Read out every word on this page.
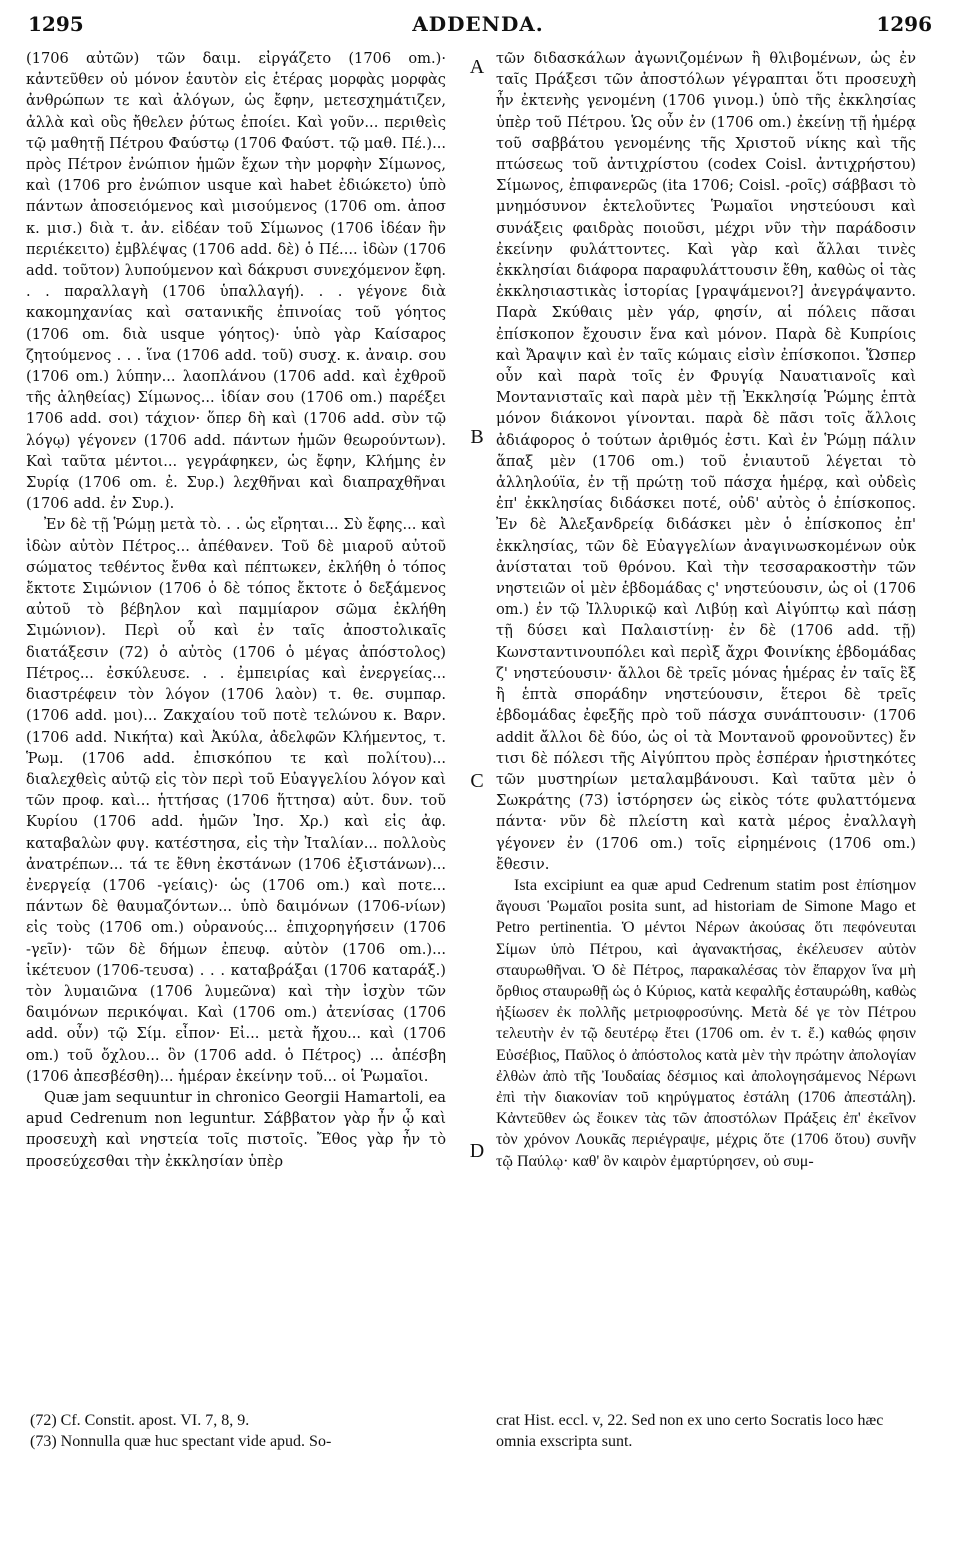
ADDENDA.
1295	1296

(1706 αὐτῶν) τῶν δαιμ. εἰργάζετο (1706 om.)· κἀντεῦθεν οὐ μόνον ἑαυτὸν εἰς ἑτέρας μορφὰς μορφὰς ἀνθρώπων τε καὶ ἀλόγων, ὡς ἔφην, μετεσχημάτιζεν, ἀλλὰ καὶ οὓς ἤθελεν ῥύτως ἐποίει. Καὶ γοῦν... περιθεὶς τῷ μαθητῇ Πέτρου Φαύστῳ (1706 Φαύστ. τῷ μαθ. Πέ.)... πρὸς Πέτρον ἐνώπιον ἡμῶν ἔχων τὴν μορφὴν Σίμωνος, καὶ (1706 pro ἐνώπιον usque καὶ habet ἐδιώκετο) ὑπὸ πάντων ἀποσειόμενος καὶ μισούμενος (1706 om. ἀποσ κ. μισ.) διὰ τ. ἀν. εἰδέαν τοῦ Σίμωνος (1706 ἰδέαν ἣν περιέκειτο) ἐμβλέψας (1706 add. δὲ) ὁ Πέ.... ἰδὼν (1706 add. τοῦτον) λυπούμενον καὶ δάκρυσι συνεχόμενον ἔφη. . . παραλλαγὴ (1706 ὑπαλλαγή). . . γέγονε διὰ κακομηχανίας καὶ σατανικῆς ἐπινοίας τοῦ γόητος (1706 om. διὰ usque γόητος)· ὑπὸ γὰρ Καίσαρος ζητούμενος . . . ἵνα (1706 add. τοῦ) συσχ. κ. ἀναιρ. σου (1706 om.) λύπην... λαοπλάνου (1706 add. καὶ ἐχθροῦ τῆς ἀληθείας) Σίμωνος... ἰδίαν σου (1706 om.) παρέξει 1706 add. σοι) τάχιον· ὅπερ δὴ καὶ (1706 add. σὺν τῷ λόγῳ) γέγονεν (1706 add. πάντων ἡμῶν θεωρούντων). Καὶ ταῦτα μέντοι... γεγράφηκεν, ὡς ἔφην, Κλήμης ἐν Συρίᾳ (1706 om. ἐ. Συρ.) λεχθῆναι καὶ διαπραχθῆναι (1706 add. ἐν Συρ.).

Ἐν δὲ τῇ Ῥώμῃ μετὰ τὸ. . . ὡς εἴρηται... Σὺ ἔφης... καὶ ἰδὼν αὐτὸν Πέτρος... ἀπέθανεν. Τοῦ δὲ μιαροῦ αὐτοῦ σώματος τεθέντος ἔνθα καὶ πέπτωκεν, ἐκλήθη ὁ τόπος ἔκτοτε Σιμώνιον (1706 ὁ δὲ τόπος ἔκτοτε ὁ δεξάμενος αὐτοῦ τὸ βέβηλον καὶ παμμίαρον σῶμα ἐκλήθη Σιμώνιον). Περὶ οὗ καὶ ἐν ταῖς ἀποστολικαῖς διατάξεσιν (72) ὁ αὐτὸς (1706 ὁ μέγας ἀπόστολος) Πέτρος... ἐσκύλευσε. . . ἐμπειρίας καὶ ἐνεργείας... διαστρέφειν τὸν λόγον (1706 λαὸν) τ. θε. συμπαρ. (1706 add. μοι)... Ζακχαίου τοῦ ποτὲ τελώνου κ. Βαρν. (1706 add. Νικήτα) καὶ Ἀκύλα, ἀδελφῶν Κλήμεντος, τ. Ῥωμ. (1706 add. ἐπισκόπου τε καὶ πολίτου)... διαλεχθεὶς αὐτῷ εἰς τὸν περὶ τοῦ Εὐαγγελίου λόγον καὶ τῶν προφ. καὶ... ἡττήσας (1706 ἥττησα) αὐτ. δυν. τοῦ Κυρίου (1706 add. ἡμῶν Ἰησ. Χρ.) καὶ εἰς ἀφ. καταβαλὼν φυγ. κατέστησα, εἰς τὴν Ἰταλίαν... πολλοὺς ἀνατρέπων... τά τε ἔθνη ἐκστάνων (1706 ἐξιστάνων)... ἐνεργείᾳ (1706 -γείαις)· ὡς (1706 om.) καὶ ποτε... πάντων δὲ θαυμαζόντων... ὑπὸ δαιμόνων (1706-νίων) εἰς τοὺς (1706 om.) οὐρανούς... ἐπιχορηγήσειν (1706 -γεῖν)· τῶν δὲ δήμων ἐπευφ. αὐτὸν (1706 om.)... ἱκέτευον (1706-τευσα) . . . καταβράξαι (1706 καταράξ.) τὸν λυμαιῶνα (1706 λυμεῶνα) καὶ τὴν ἰσχὺν τῶν δαιμόνων περικόψαι. Καὶ (1706 om.) ἀτενίσας (1706 add. οὖν) τῷ Σίμ. εἶπον· Εἰ... μετὰ ἤχου... καὶ (1706 om.) τοῦ ὄχλου... ὃν (1706 add. ὁ Πέτρος) ... ἀπέσβη (1706 ἀπεσβέσθη)... ἡμέραν ἐκείνην τοῦ... οἱ Ῥωμαῖοι.

Quæ jam sequuntur in chronico Georgii Hamartoli, ea apud Cedrenum non leguntur. Σάββατον γὰρ ἦν ᾧ καὶ προσευχὴ καὶ νηστεία τοῖς πιστοῖς. Ἔθος γὰρ ἦν τὸ προσεύχεσθαι τὴν ἐκκλησίαν ὑπὲρ

A
B
C
D

τῶν διδασκάλων ἀγωνιζομένων ἢ θλιβομένων, ὡς ἐν ταῖς Πράξεσι τῶν ἀποστόλων γέγραπται ὅτι προσευχὴ ἦν ἐκτενὴς γενομένη (1706 γινομ.) ὑπὸ τῆς ἐκκλησίας ὑπὲρ τοῦ Πέτρου. Ὡς οὖν ἐν (1706 om.) ἐκείνῃ τῇ ἡμέρᾳ τοῦ σαββάτου γενομένης τῆς Χριστοῦ νίκης καὶ τῆς πτώσεως τοῦ ἀντιχρίστου (codex Coisl. ἀντιχρήστου) Σίμωνος, ἐπιφανερῶς (ita 1706; Coisl. -ροῖς) σάββασι τὸ μνημόσυνον ἐκτελοῦντες Ῥωμαῖοι νηστεύουσι καὶ συνάξεις φαιδρὰς ποιοῦσι, μέχρι νῦν τὴν παράδοσιν ἐκείνην φυλάττοντες. Καὶ γὰρ καὶ ἄλλαι τινὲς ἐκκλησίαι διάφορα παραφυλάττουσιν ἔθη, καθὼς οἱ τὰς ἐκκλησιαστικὰς ἱστορίας [γραψάμενοι?] ἀνεγράψαντο. Παρὰ Σκύθαις μὲν γάρ, φησίν, αἱ πόλεις πᾶσαι ἐπίσκοπον ἔχουσιν ἕνα καὶ μόνον. Παρὰ δὲ Κυπρίοις καὶ Ἄραψιν καὶ ἐν ταῖς κώμαις εἰσὶν ἐπίσκοποι. Ὥσπερ οὖν καὶ παρὰ τοῖς ἐν Φρυγίᾳ Ναυατιανοῖς καὶ Μοντανισταῖς καὶ παρὰ μὲν τῇ Ἐκκλησίᾳ Ῥώμης ἑπτὰ μόνον διάκονοι γίνονται. παρὰ δὲ πᾶσι τοῖς ἄλλοις ἀδιάφορος ὁ τούτων ἀριθμός ἐστι. Καὶ ἐν Ῥώμῃ πάλιν ἅπαξ μὲν (1706 om.) τοῦ ἐνιαυτοῦ λέγεται τὸ ἀλληλούϊα, ἐν τῇ πρώτῃ τοῦ πάσχα ἡμέρᾳ, καὶ οὐδεὶς ἐπ' ἐκκλησίας διδάσκει ποτέ, οὐδ' αὐτὸς ὁ ἐπίσκοπος. Ἐν δὲ Ἀλεξανδρείᾳ διδάσκει μὲν ὁ ἐπίσκοπος ἐπ' ἐκκλησίας, τῶν δὲ Εὐαγγελίων ἀναγινωσκομένων οὐκ ἀνίσταται τοῦ θρόνου. Καὶ τὴν τεσσαρακοστὴν τῶν νηστειῶν οἱ μὲν ἑβδομάδας ς' νηστεύουσιν, ὡς οἱ (1706 om.) ἐν τῷ Ἰλλυρικῷ καὶ Λιβύῃ καὶ Αἰγύπτῳ καὶ πάσῃ τῇ δύσει καὶ Παλαιστίνῃ· ἐν δὲ (1706 add. τῇ) Κωνσταντινουπόλει καὶ περὶξ ἄχρι Φοινίκης ἑβδομάδας ζ' νηστεύουσιν· ἄλλοι δὲ τρεῖς μόνας ἡμέρας ἐν ταῖς ἓξ ἢ ἑπτὰ σποράδην νηστεύουσιν, ἕτεροι δὲ τρεῖς ἑβδομάδας ἐφεξῆς πρὸ τοῦ πάσχα συνάπτουσιν· (1706 addit ἄλλοι δὲ δύο, ὡς οἱ τὰ Μοντανοῦ φρονοῦντες) ἔν τισι δὲ πόλεσι τῆς Αἰγύπτου πρὸς ἑσπέραν ἠριστηκότες τῶν μυστηρίων μεταλαμβάνουσι. Καὶ ταῦτα μὲν ὁ Σωκράτης (73) ἱστόρησεν ὡς εἰκὸς τότε φυλαττόμενα πάντα· νῦν δὲ πλείστη καὶ κατὰ μέρος ἐναλλαγὴ γέγονεν ἐν (1706 om.) τοῖς εἰρημένοις (1706 om.) ἔθεσιν.

Ista excipiunt ea quæ apud Cedrenum statim post ἐπίσημον ἄγουσι Ῥωμαῖοι posita sunt, ad historiam de Simone Mago et Petro pertinentia. Ὁ μέντοι Νέρων ἀκούσας ὅτι πεφόνευται Σίμων ὑπὸ Πέτρου, καὶ ἀγανακτήσας, ἐκέλευσεν αὐτὸν σταυρωθῆναι. Ὁ δὲ Πέτρος, παρακαλέσας τὸν ἔπαρχον ἵνα μὴ ὄρθιος σταυρωθῇ ὡς ὁ Κύριος, κατὰ κεφαλῆς ἐσταυρώθη, καθὼς ἠξίωσεν ἐκ πολλῆς μετριοφροσύνης. Μετὰ δέ γε τὸν Πέτρου τελευτὴν ἐν τῷ δευτέρῳ ἔτει (1706 om. ἐν τ. ἔ.) καθώς φησιν Εὐσέβιος, Παῦλος ὁ ἀπόστολος κατὰ μὲν τὴν πρώτην ἀπολογίαν ἐλθὼν ἀπὸ τῆς Ἰουδαίας δέσμιος καὶ ἀπολογησάμενος Νέρωνι ἐπὶ τὴν διακονίαν τοῦ κηρύγματος ἐστάλη (1706 ἀπεστάλη). Κἀντεῦθεν ὡς ἔοικεν τὰς τῶν ἀποστόλων Πράξεις ἐπ' ἐκεῖνον τὸν χρόνον Λουκᾶς περιέγραψε, μέχρις ὅτε (1706 ὅτου) συνῆν τῷ Παύλῳ· καθ' ὃν καιρὸν ἐμαρτύρησεν, οὐ συμ-

(72) Cf. Constit. apost. VI. 7, 8, 9.

(73) Nonnulla quæ huc spectant vide apud. So-

crat Hist. eccl. v, 22. Sed non ex uno certo Socratis loco hæc omnia exscripta sunt.
